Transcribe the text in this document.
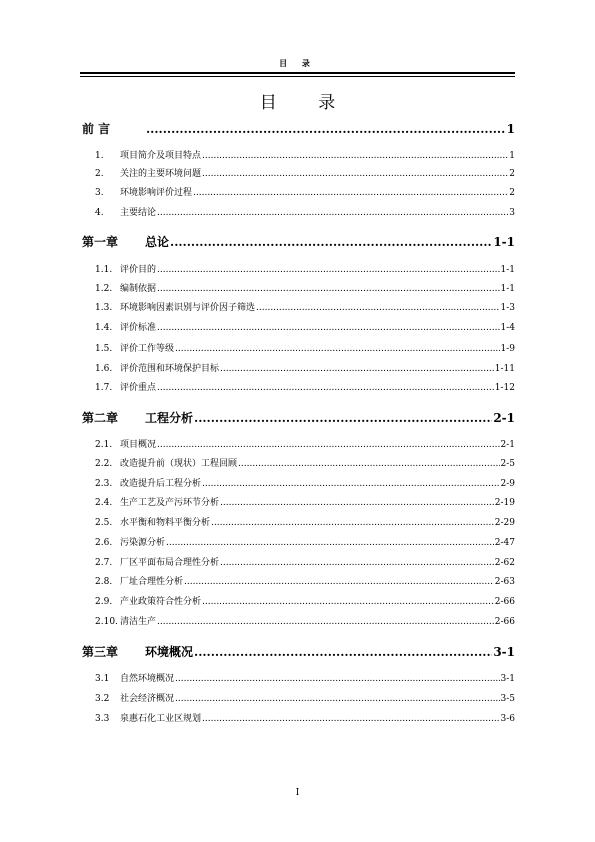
目 录
目 录
前 言 .....	1
1.	项目简介及项目特点 .....	1
2.	关注的主要环境问题 .....	2
3.	环境影响评价过程 .....	2
4.	主要结论 .....	3
第一章	总论 .....	1-1
1.1. 评价目的 .....	1-1
1.2. 编制依据 .....	1-1
1.3. 环境影响因素识别与评价因子筛选 .....	1-3
1.4. 评价标准 .....	1-4
1.5. 评价工作等级 .....	1-9
1.6. 评价范围和环境保护目标 .....	1-11
1.7. 评价重点 .....	1-12
第二章	工程分析 .....	2-1
2.1. 项目概况 .....	2-1
2.2. 改造提升前（现状）工程回顾 .....	2-5
2.3. 改造提升后工程分析 .....	2-9
2.4. 生产工艺及产污环节分析 .....	2-19
2.5. 水平衡和物料平衡分析 .....	2-29
2.6. 污染源分析 .....	2-47
2.7. 厂区平面布局合理性分析 .....	2-62
2.8. 厂址合理性分析 .....	2-63
2.9. 产业政策符合性分析 .....	2-66
2.10. 清洁生产 .....	2-66
第三章	环境概况 .....	3-1
3.1	自然环境概况 .....	3-1
3.2	社会经济概况 .....	3-5
3.3	泉惠石化工业区规划 .....	3-6
I
